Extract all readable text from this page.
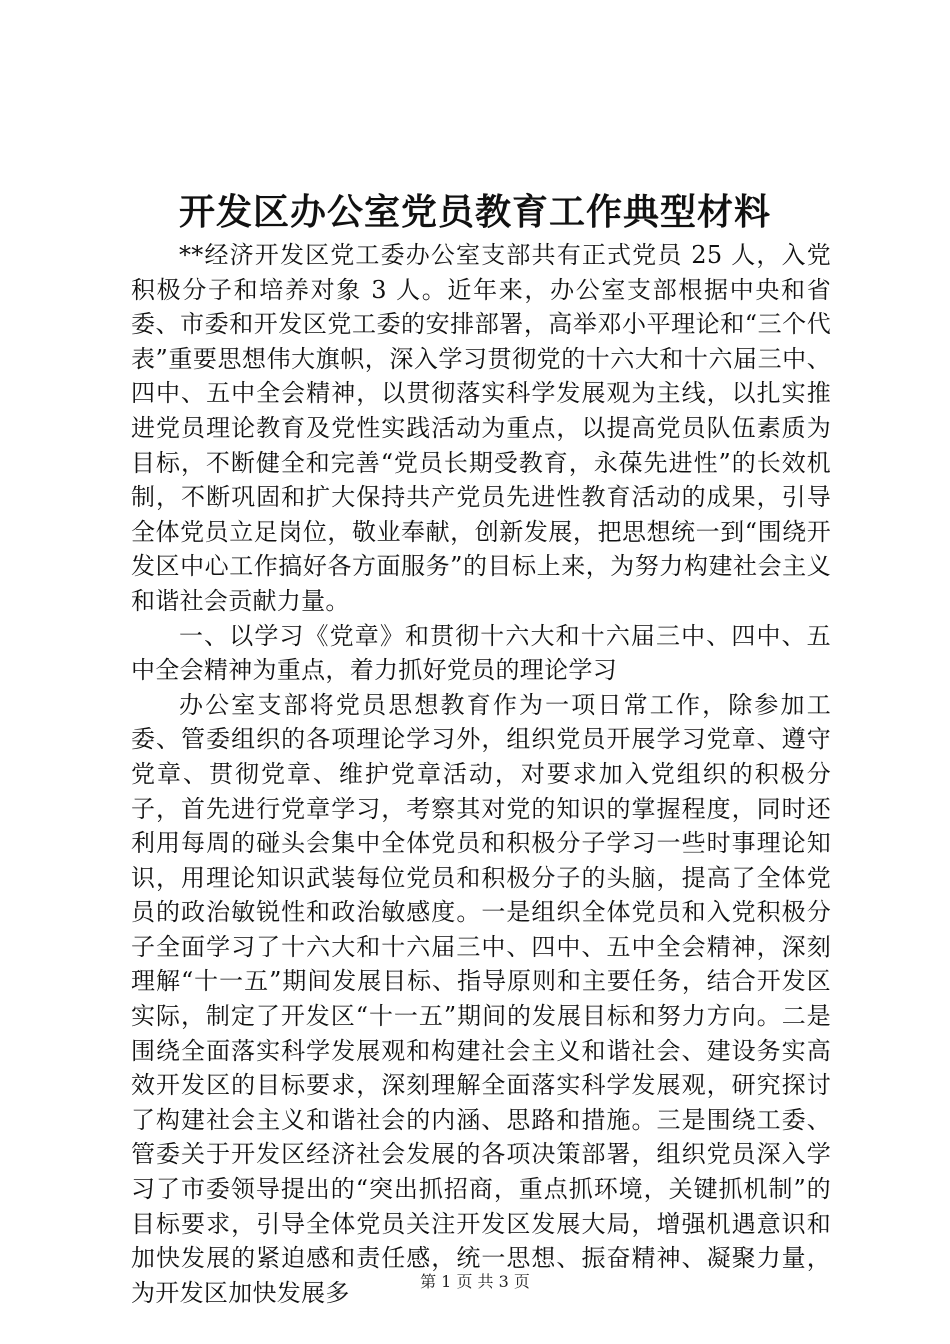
开发区办公室党员教育工作典型材料

**经济开发区党工委办公室支部共有正式党员 25 人，入党积极分子和培养对象 3 人。近年来，办公室支部根据中央和省委、市委和开发区党工委的安排部署，高举邓小平理论和“三个代表”重要思想伟大旗帜，深入学习贯彻党的十六大和十六届三中、四中、五中全会精神，以贯彻落实科学发展观为主线，以扎实推进党员理论教育及党性实践活动为重点，以提高党员队伍素质为目标，不断健全和完善“党员长期受教育，永葆先进性”的长效机制，不断巩固和扩大保持共产党员先进性教育活动的成果，引导全体党员立足岗位，敬业奉献，创新发展，把思想统一到“围绕开发区中心工作搞好各方面服务”的目标上来，为努力构建社会主义和谐社会贡献力量。

一、以学习《党章》和贯彻十六大和十六届三中、四中、五中全会精神为重点，着力抓好党员的理论学习

办公室支部将党员思想教育作为一项日常工作，除参加工委、管委组织的各项理论学习外，组织党员开展学习党章、遵守党章、贯彻党章、维护党章活动，对要求加入党组织的积极分子，首先进行党章学习，考察其对党的知识的掌握程度，同时还利用每周的碰头会集中全体党员和积极分子学习一些时事理论知识，用理论知识武装每位党员和积极分子的头脑，提高了全体党员的政治敏锐性和政治敏感度。一是组织全体党员和入党积极分子全面学习了十六大和十六届三中、四中、五中全会精神，深刻理解“十一五”期间发展目标、指导原则和主要任务，结合开发区实际，制定了开发区“十一五”期间的发展目标和努力方向。二是围绕全面落实科学发展观和构建社会主义和谐社会、建设务实高效开发区的目标要求，深刻理解全面落实科学发展观，研究探讨了构建社会主义和谐社会的内涵、思路和措施。三是围绕工委、管委关于开发区经济社会发展的各项决策部署，组织党员深入学习了市委领导提出的“突出抓招商，重点抓环境，关键抓机制”的目标要求，引导全体党员关注开发区发展大局，增强机遇意识和加快发展的紧迫感和责任感，统一思想、振奋精神、凝聚力量，为开发区加快发展多	第 1 页 共 3 页
